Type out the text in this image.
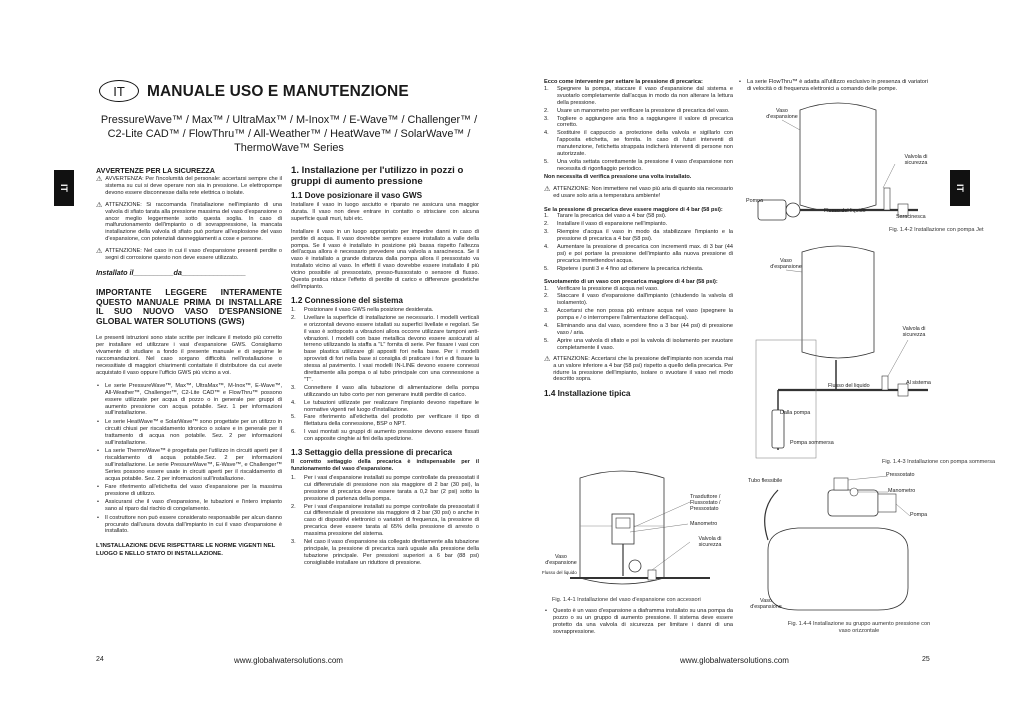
IT MANUALE USO E MANUTENZIONE
PressureWave™ / Max™ / UltraMax™ / M-Inox™ / E-Wave™ / Challenger™ /
C2-Lite CAD™ / FlowThru™ / All-Weather™ / HeatWave™ / SolarWave™ /
ThermoWave™ Series
IT
AVVERTENZE PER LA SICUREZZA
⚠ AVVERTENZA: Per l'incolumità del personale: accertarsi sempre che il sistema su cui si deve operare non sia in pressione. Le elettropompe devono essere disconnesse dalla rete elettrica o isolate.
⚠ ATTENZIONE: Si raccomanda l'installazione nell'impianto di una valvola di sfiato tarata alla pressione massima del vaso d'espansione o ancor meglio leggermente sotto questa soglia. In caso di malfunzionamento dell'impianto o di sovrappressione, la mancata installazione della valvola di sfiato può portare all'esplosione del vaso d'espansione, con potenziali danneggiamenti a cose e persone.
⚠ ATTENZIONE: Nel caso in cui il vaso d'espansione presenti perdite o segni di corrosione questo non deve essere utilizzato.
Installato il__________da________________
IMPORTANTE LEGGERE INTERAMENTE QUESTO MANUALE PRIMA DI INSTALLARE IL SUO NUOVO VASO D'ESPANSIONE GLOBAL WATER SOLUTIONS (GWS)
Le presenti istruzioni sono state scritte per indicare il metodo più corretto per installare ed utilizzare i vasi d'espansione GWS. Consigliamo vivamente di studiare a fondo il presente manuale e di seguirne le raccomandazioni. Nel caso sorgano difficoltà nell'installazione o necessitiate di maggiori chiarimenti contattate il distributore da cui avete acquistato il vaso oppure l'ufficio GWS più vicino a voi.
• Le serie PressureWave™, Max™, UltraMax™, M-Inox™, E-Wave™, All-Weather™, Challenger™, C2-Lite CAD™ e FlowThru™ possono essere utilizzate per acqua di pozzo o in generale per gruppi di aumento pressione con acqua potabile. Sez. 1 per informazioni sull'installazione.
• Le serie HeatWave™ e SolarWave™ sono progettate per un utilizzo in circuiti chiusi per riscaldamento idronico o solare e in generale per il trattamento di acqua non potabile. Sez. 2 per informazioni sull'installazione.
• La serie ThermoWave™ è progettata per l'utilizzo in circuiti aperti per il riscaldamento di acqua potabile.Sez. 2 per informazioni sull'installazione. Le serie PressureWave™, E-Wave™, e Challenger™ Series possono essere usate in circuiti aperti per il riscaldamento di acqua potabile. Sez. 2 per informazioni sull'installazione.
• Fare riferimento all'etichetta del vaso d'espansione per la massima pressione di utilizzo.
• Assicurarsi che il vaso d'espansione, le tubazioni e l'intero impianto sano al riparo dal rischio di congelamento.
• Il costruttore non può essere considerato responsabile per alcun danno procurato dall'usura dovuta dall'impianto in cui il vaso d'espansione è installato.
L'INSTALLAZIONE DEVE RISPETTARE LE NORME VIGENTI NEL LUOGO E NELLO STATO DI INSTALLAZIONE.
1. Installazione per l'utilizzo in pozzi o gruppi di aumento pressione
1.1 Dove posizionare il vaso GWS
Installare il vaso in luogo asciutto e riparato ne assicura una maggior durata. Il vaso non deve entrare in contatto o strisciare con alcuna superficie quali muri, tubi etc.
Installare il vaso in un luogo appropriato per impedire danni in caso di perdite di acqua. Il vaso dovrebbe sempre essere installato a valle della pompa. Se il vaso è installato in posizione più bassa rispetto l'altezza dell'acqua allora è necessario prevedere una valvola a saracinesca. Se il vaso è installato a grande distanza dalla pompa allora il pressostato va installato vicino al vaso. In effetti il vaso dovrebbe essere installato il più vicino possibile al pressostato, presso-flussostato o sensore di flusso. Questa pratica riduce l'effetto di perdite di carico e differenze geodetiche dell'impianto.
1.2 Connessione del sistema
1.	Posizionare il vaso GWS nella posizione desiderata.
2.	Livellare la superficie di installazione se necessario. I modelli verticali e orizzontali devono essere istallati su superfici livellate e regolari. Se il vaso è sottoposto a vibrazioni allora occorre utilizzare tamponi anti-vibrazioni. I modelli con base metallica devono essere assicurati al terreno utilizzando la staffa a "L" fornita di serie. Per fissare i vasi con base plastica utilizzare gli appositi fori nella base. Per i modelli sprovvisti di fori nella base si consiglia di praticare i fori e di fissare la stessa al pavimento. I vasi modelli IN-LINE devono essere connessi direttamente alla pompa o al tubo principale con una connessione a "T".
3.	Connettere il vaso alla tubazione di alimentazione della pompa utilizzando un tubo corto per non generare inutili perdite di carico.
4.	Le tubazioni utilizzate per realizzare l'impianto devono rispettare le normative vigenti nel luogo d'installazione.
5.	Fare riferimento all'etichetta del prodotto per verificare il tipo di filettatura della connessione, BSP o NPT.
6.	I vasi montati su gruppi di aumento pressione devono essere fissati con apposite cinghie ai fini della spedizione.
1.3 Settaggio della pressione di precarica
Il corretto settaggio della precarica è indispensabile per il funzionamento del vaso d'espansione.
1.	Per i vasi d'espansione installati su pompe controllate da pressostati il cui differenziale di pressione non sia maggiore di 2 bar (30 psi), la pressione di precarica deve essere tarata a 0,2 bar (2 psi) sotto la pressione di partenza della pompa.
2.	Per i vasi d'espansione installati su pompe controllate da pressostati il cui differenziale di pressione sia maggiore di 2 bar (30 psi) o anche in caso di dispositivi elettronici o variatori di frequenza, la pressione di precarica deve essere tarata al 65% della pressione di arresto o massima pressione del sistema.
3.	Nel caso il vaso d'espansione sia collegato direttamente alla tubazione principale, la pressione di precarica sarà uguale alla pressione della tubazione principale. Per pressioni superiori a 6 bar (88 psi) consigliabile installare un riduttore di pressione.
24	www.globalwatersolutions.com
Ecco come intervenire per settare la pressione di precarica:
1.	Spegnere la pompa, staccare il vaso d'espansione dal sistema e svuotarlo completamente dall'acqua in modo da non alterare la lettura della pressione.
2.	Usare un manometro per verificare la pressione di precarica del vaso.
3.	Togliere o aggiungere aria fino a raggiungere il valore di precarica corretto.
4.	Sostituire il cappuccio a protezione della valvola e sigillarlo con l'apposita etichetta, se fornita. In caso di futuri interventi di manutenzione, l'etichetta strappata indicherà interventi di persone non autorizzate.
5.	Una volta settata correttamente la pressione il vaso d'espansione non necessita di rigonfiaggio periodico.
Non necessita di verifica pressione una volta installato.
⚠ ATTENZIONE: Non immettere nel vaso più aria di quanto sia necessario ed usare solo aria a temperatura ambiente!
Se la pressione di precarica deve essere maggiore di 4 bar (58 psi):
1.	Tarare la precarica del vaso a 4 bar (58 psi).
2.	Installare il vaso di espansione nell'impianto.
3.	Riempire d'acqua il vaso in modo da stabilizzare l'impianto e la pressione di precarica a 4 bar (58 psi).
4.	Aumentare la pressione di precarica con incrementi max. di 3 bar (44 psi) e poi portare la pressione dell'impianto alla nuova pressione di precarica immettendovi acqua.
5.	Ripetere i punti 3 e 4 fino ad ottenere la precarica richiesta.
Svuotamento di un vaso con precarica maggiore di 4 bar (58 psi):
1.	Verificare la pressione di acqua nel vaso.
2.	Staccare il vaso d'espansione dall'impianto (chiudendo la valvola di isolamento).
3.	Accertarsi che non possa più entrare acqua nel vaso (spegnere la pompa e / o interrompere l'alimentazione dell'acqua).
4.	Eliminando ana dal vaso, scendere fino a 3 bar (44 psi) di pressione vaso / aria.
5.	Aprire una valvola di sfiato e poi la valvola di isolamento per svuotare completamente il vaso.
⚠ ATTENZIONE: Accertarsi che la pressione dell'impianto non scenda mai a un valore inferiore a 4 bar (58 psi) rispetto a quello della precarica. Per ridurre la pressione dell'impianto, isolare o svuotare il vaso nel modo descritto sopra.
1.4 Installazione tipica
Trasduttore / Flussostato / Pressostato
Manometro
Valvola di sicurezza
Vaso d'espansione
Flusso del liquido
Fig. 1.4-1 Installazione del vaso d'espansione con accessori
• Questo è un vaso d'espansione a diaframma installato su una pompa da pozzo o su un gruppo di aumento pressione. Il sistema deve essere protetto da una valvola di sicurezza per limitare i danni di una sovrappressione.
• La serie FlowThru™ è adatta all'utilizzo esclusivo in presenza di variatori di velocità o di frequenza elettronici a comando delle pompe.
Vaso d'espansione
Valvola di sicurezza
Pompa
Flusso del liquido
Saracinesca
Fig. 1.4-2 Installazione con pompa Jet
Vaso d'espansione
Valvola di sicurezza
Flusso del liquido	Al sistema
Dalla pompa
Pompa sommersa
Fig. 1.4-3 Installazione con pompa sommersa
Pressostato
Tubo flessibile
Manometro
Pompa
Vaso d'espansione
Fig. 1.4-4 Installazione su gruppo aumento pressione con vaso orizzontale
IT
www.globalwatersolutions.com	25
